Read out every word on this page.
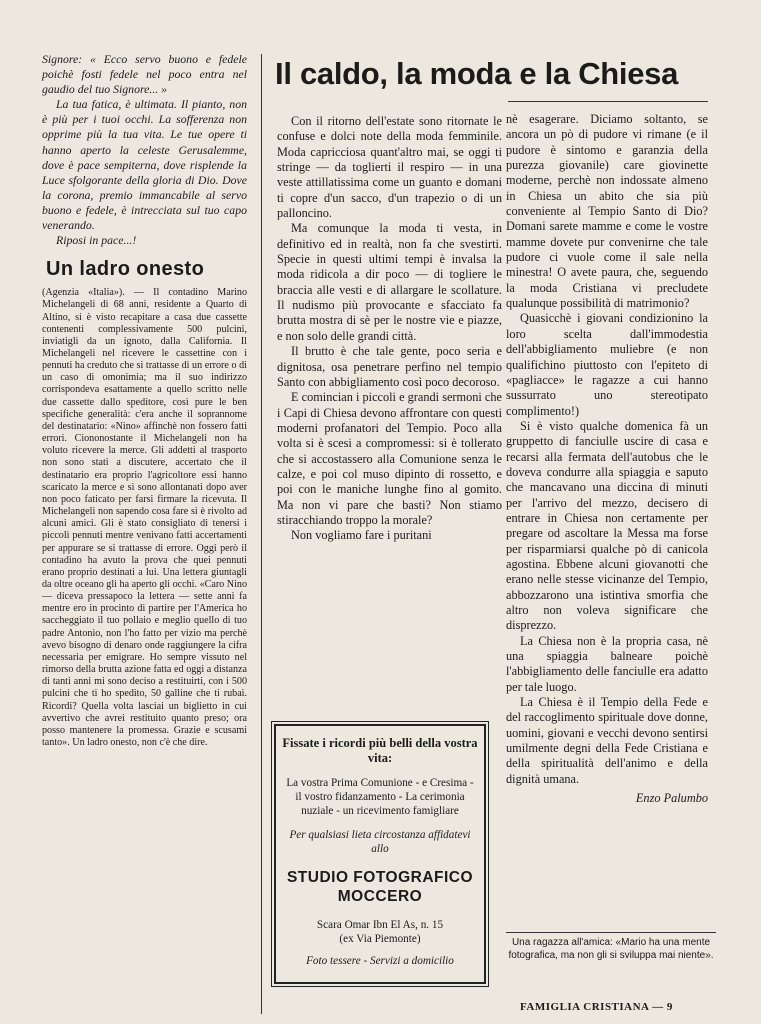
Signore: « Ecco servo buono e fedele poichè fosti fedele nel poco entra nel gaudio del tuo Signore... »

La tua fatica, è ultimata. Il pianto, non è più per i tuoi occhi. La sofferenza non opprime più la tua vita. Le tue opere ti hanno aperto la celeste Gerusalemme, dove è pace sempiterna, dove risplende la Luce sfolgorante della gloria di Dio. Dove la corona, premio immancabile al servo buono e fedele, è intrecciata sul tuo capo venerando.

Riposi in pace...!

Un ladro onesto

(Agenzia «Italia»). — Il contadino Marino Michelangeli di 68 anni, residente a Quarto di Altino, si è visto recapitare a casa due cassette contenenti complessivamente 500 pulcini, inviatigli da un ignoto, dalla California. Il Michelangeli nel ricevere le cassettine con i pennuti ha creduto che si trattasse di un errore o di un caso di omonimia; ma il suo indirizzo corrispondeva esattamente a quello scritto nelle due cassette dallo speditore, così pure le ben specifiche generalità: c'era anche il soprannome del destinatario: «Nino» affinchè non fossero fatti errori. Ciononostante il Michelangeli non ha voluto ricevere la merce. Gli addetti al trasporto non sono stati a discutere, accertato che il destinatario era proprio l'agricoltore essi hanno scaricato la merce e si sono allontanati dopo aver non poco faticato per farsi firmare la ricevuta. Il Michelangeli non sapendo cosa fare si è rivolto ad alcuni amici. Gli è stato consigliato di tenersi i piccoli pennuti mentre venivano fatti accertamenti per appurare se si trattasse di errore. Oggi però il contadino ha avuto la prova che quei pennuti erano proprio destinati a lui. Una lettera giuntagli da oltre oceano gli ha aperto gli occhi. «Caro Nino — diceva pressapoco la lettera — sette anni fa mentre ero in procinto di partire per l'America ho saccheggiato il tuo pollaio e meglio quello di tuo padre Antonio, non l'ho fatto per vizio ma perchè avevo bisogno di denaro onde raggiungere la cifra necessaria per emigrare. Ho sempre vissuto nel rimorso della brutta azione fatta ed oggi a distanza di tanti anni mi sono deciso a restituirti, con i 500 pulcini che ti ho spedito, 50 galline che ti rubai. Ricordi? Quella volta lasciai un biglietto in cui avvertivo che avrei restituito quanto preso; ora posso mantenere la promessa. Grazie e scusami tanto». Un ladro onesto, non c'è che dire.

Il caldo, la moda e la Chiesa

Con il ritorno dell'estate sono ritornate le confuse e dolci note della moda femminile. Moda capricciosa quant'altro mai, se oggi ti stringe — da toglierti il respiro — in una veste attillatissima come un guanto e domani ti copre d'un sacco, d'un trapezio o di un palloncino.

Ma comunque la moda ti vesta, in definitivo ed in realtà, non fa che svestirti. Specie in questi ultimi tempi è invalsa la moda ridicola a dir poco — di togliere le braccia alle vesti e di allargare le scollature. Il nudismo più provocante e sfacciato fa brutta mostra di sè per le nostre vie e piazze, e non solo delle grandi città.

Il brutto è che tale gente, poco seria e dignitosa, osa penetrare perfino nel tempio Santo con abbigliamento così poco decoroso.

E comincian i piccoli e grandi sermoni che i Capi di Chiesa devono affrontare con questi moderni profanatori del Tempio. Poco alla volta si è scesi a compromessi: si è tollerato che si accostassero alla Comunione senza le calze, e poi col muso dipinto di rossetto, e poi con le maniche lunghe fino al gomito. Ma non vi pare che basti? Non stiamo stiracchiando troppo la morale?

Non vogliamo fare i puritani

Fissate i ricordi più belli della vostra vita:
La vostra Prima Comunione - e Cresima - il vostro fidanzamento - La cerimonia nuziale - un ricevimento famigliare
Per qualsiasi lieta circostanza affidatevi allo
STUDIO FOTOGRAFICO MOCCERO
Scara Omar Ibn El As, n. 15
(ex Via Piemonte)
Foto tessere - Servizi a domicilio

nè esagerare. Diciamo soltanto, se ancora un pò di pudore vi rimane (e il pudore è sintomo e garanzia della purezza giovanile) care giovinette moderne, perchè non indossate almeno in Chiesa un abito che sia più conveniente al Tempio Santo di Dio? Domani sarete mamme e come le vostre mamme dovete pur convenirne che tale pudore ci vuole come il sale nella minestra! O avete paura, che, seguendo la moda Cristiana vi precludete qualunque possibilità di matrimonio?

Quasicchè i giovani condizionino la loro scelta dall'immodestia dell'abbigliamento muliebre (e non qualifichino piuttosto con l'epiteto di «pagliacce» le ragazze a cui hanno sussurrato uno stereotipato complimento!)

Si è visto qualche domenica fà un gruppetto di fanciulle uscire di casa e recarsi alla fermata dell'autobus che le doveva condurre alla spiaggia e saputo che mancavano una diccina di minuti per l'arrivo del mezzo, decisero di entrare in Chiesa non certamente per pregare od ascoltare la Messa ma forse per risparmiarsi qualche pò di canicola agostina. Ebbene alcuni giovanotti che erano nelle stesse vicinanze del Tempio, abbozzarono una istintiva smorfia che altro non voleva significare che disprezzo.

La Chiesa non è la propria casa, nè una spiaggia balneare poichè l'abbigliamento delle fanciulle era adatto per tale luogo.

La Chiesa è il Tempio della Fede e del raccoglimento spirituale dove donne, uomini, giovani e vecchi devono sentirsi umilmente degni della Fede Cristiana e della spiritualità dell'animo e della dignità umana.

Enzo Palumbo
Una ragazza all'amica: «Mario ha una mente fotografica, ma non gli si sviluppa mai niente».
FAMIGLIA CRISTIANA — 9
